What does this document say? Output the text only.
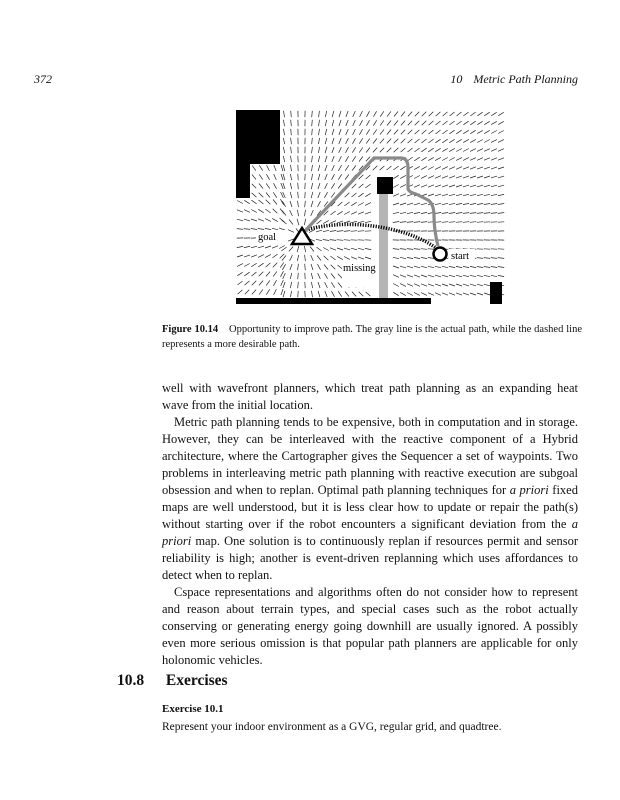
372	10 Metric Path Planning
goal
start
missing
Figure 10.14 Opportunity to improve path. The gray line is the actual path, while the dashed line represents a more desirable path.

well with wavefront planners, which treat path planning as an expanding heat wave from the initial location.

Metric path planning tends to be expensive, both in computation and in storage. However, they can be interleaved with the reactive component of a Hybrid architecture, where the Cartographer gives the Sequencer a set of waypoints. Two problems in interleaving metric path planning with reactive execution are subgoal obsession and when to replan. Optimal path planning techniques for a priori fixed maps are well understood, but it is less clear how to update or repair the path(s) without starting over if the robot encounters a significant deviation from the a priori map. One solution is to continuously replan if resources permit and sensor reliability is high; another is event-driven replanning which uses affordances to detect when to replan.

Cspace representations and algorithms often do not consider how to represent and reason about terrain types, and special cases such as the robot actually conserving or generating energy going downhill are usually ignored. A possibly even more serious omission is that popular path planners are applicable for only holonomic vehicles.

10.8 Exercises
Exercise 10.1
Represent your indoor environment as a GVG, regular grid, and quadtree.
